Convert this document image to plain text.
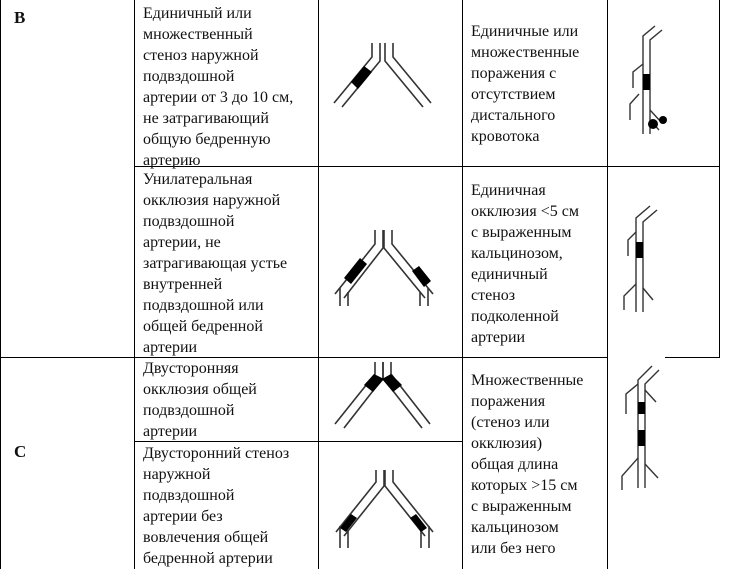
B
C
Единичный или
множественный
стеноз наружной
подвздошной
артерии от 3 до 10 см,
не затрагивающий
общую бедренную
артерию
Единичные или
множественные
поражения с
отсутствием
дистального
кровотока
Унилатеральная
окклюзия наружной
подвздошной
артерии, не
затрагивающая устье
внутренней
подвздошной или
общей бедренной
артерии
Единичная
окклюзия <5 см
с выраженным
кальцинозом,
единичный
стеноз
подколенной
артерии
Двусторонняя
окклюзия общей
подвздошной
артерии
Множественные
поражения
(стеноз или
окклюзия)
общая длина
которых >15 см
с выраженным
кальцинозом
или без него
Двусторонний стеноз
наружной
подвздошной
артерии без
вовлечения общей
бедренной артерии
